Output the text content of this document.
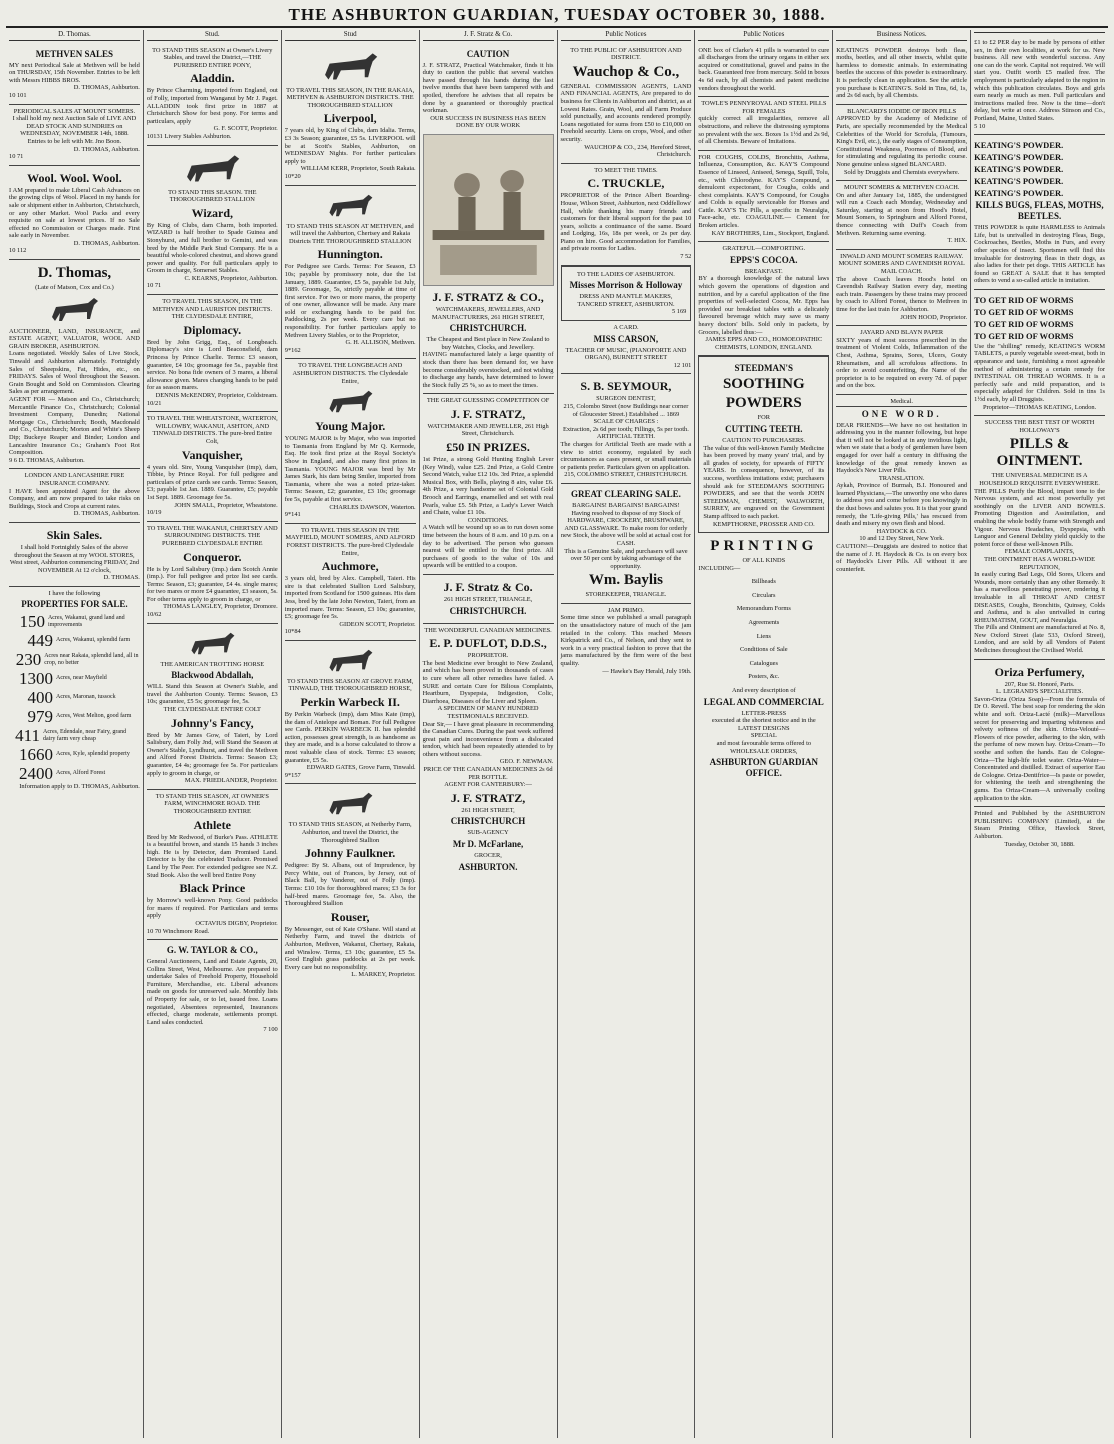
THE ASHBURTON GUARDIAN, TUESDAY OCTOBER 30, 1888.
D. Thomas.
METHVEN SALES
MY next Periodical Sale at Methven will be held on THURSDAY, 15th November. Entries to be left with Messrs HIBBS BROS.
D. THOMAS, Ashburton.
10 101
PERIODICAL SALES AT MOUNT SOMERS.
I shall hold my next Auction Sale of LIVE AND DEAD STOCK AND SUNDRIES on WEDNESDAY, NOVEMBER 14th, 1888.
Entries to be left with Mr. Jno Boon.
D. THOMAS, Ashburton.
10 71
Wool. Wool. Wool.
I AM prepared to make Liberal Cash Advances on the growing clips of Wool. Placed in my hands for sale or shipment either in Ashburton, Christchurch, or any other Market. Wool Packs and every requisite on sale at lowest prices. If no Sale effected no Commission or Charges made. First sale early in November.
D. THOMAS, Ashburton.
10 112
D. Thomas,
(Late of Matson, Cox and Co.)
AUCTIONEER, LAND, INSURANCE, and ESTATE AGENT, VALUATOR, WOOL AND GRAIN BROKER, ASHBURTON.
Loans negotiated. Weekly Sales of Live Stock, Tinwald and Ashburton alternately. Fortnightly Sales of Sheepskins, Fat, Hides, etc., on FRIDAYS. Sales of Wool throughout the Season. Grain Bought and Sold on Commission. Clearing Sales as per arrangement.
AGENT FOR — Matson and Co., Christchurch; Mercantile Finance Co., Christchurch; Colonial Investment Company, Dunedin; National Mortgage Co., Christchurch; Booth, Macdonald and Co., Christchurch; Morton and White's Sheep Dip; Buckeye Reaper and Binder; London and Lancashire Insurance Co.; Graham's Foot Rot Composition.
9 6 D. THOMAS, Ashburton.
LONDON AND LANCASHIRE FIRE INSURANCE COMPANY.
I HAVE been appointed Agent for the above Company, and am now prepared to take risks on Buildings, Stock and Crops at current rates.
D. THOMAS, Ashburton.
Skin Sales.
I shall hold Fortnightly Sales of the above throughout the Season at my WOOL STORES, West street, Ashburton commencing FRIDAY, 2nd NOVEMBER At 12 o'clock,
D. THOMAS.
I have the following
PROPERTIES FOR SALE.
150 Acres, Wakanui, grand land and improvements
449 Acres, Wakanui, splendid farm
230 Acres near Rakaia, splendid land, all in crop, no better
1300 Acres, near Mayfield
400 Acres, Maronan, tussock
979 Acres, West Melton, good farm
411 Acres, Edendale, near Fairy, grand dairy farm very cheap
1660 Acres, Kyle, splendid property
2400 Acres, Alford Forest
Information apply to D. THOMAS, Ashburton.
Stud.
TO STAND THIS SEASON at Owner's Livery Stables, and travel the District,—THE PUREBRED ENTIRE PONY,
Aladdin.
By Prince Charming, imported from England, out of Folly, imported from Wanganui by Mr J. Paget. ALLADDIN took first prize in 1887 at Christchurch Show for best pony. For terms and particulars, apply
G. F. SCOTT, Proprietor.
10131 Livery Stables Ashburton.
TO STAND THIS SEASON. THE THOROUGHBRED STALLION
Wizard,
By King of Clubs, dam Charm, both imported. WIZARD is half brother to Spade Guinea and Stonyhurst, and full brother to Gemini, and was bred by the Middle Park Stud Company. He is a beautiful whole-colored chestnut, and shows grand power and quality. For full particulars apply to Groom in charge, Somerset Stables.
C. KEARNS, Proprietor, Ashburton.
10 71
TO TRAVEL THIS SEASON, IN THE METHVEN AND LAURISTON DISTRICTS. THE CLYDESDALE ENTIRE,
Diplomacy.
Bred by John Grigg, Esq., of Longbeach. Diplomacy's sire is Lord Beaconsfield, dam Princess by Prince Charlie. Terms: £3 season, guarantee, £4 10s; groomage fee 5s., payable first service. No bona fide owners of 3 mares, a liberal allowance given. Mares changing hands to be paid for as season mares.
DENNIS McKENDRY, Proprietor, Coldstream.
10/21
TO TRAVEL THE WHEATSTONE, WATERTON, WILLOWBY, WAKANUI, ASHTON, AND TINWALD DISTRICTS. The pure-bred Entire Colt,
Vanquisher,
4 years old. Sire, Young Vanquisher (imp), dam, Tibbie, by Prince Royal. For full pedigree and particulars of prize cards see cards. Terms: Season, £3; payable 1st Jan. 1889. Guarantee, £5; payable 1st Sept. 1889. Groomage fee 5s.
JOHN SMALL, Proprietor, Wheatstone.
10/19
TO TRAVEL THE WAKANUI, CHERTSEY AND SURROUNDING DISTRICTS. THE PUREBRED CLYDESDALE ENTIRE
Conqueror.
He is by Lord Salisbury (imp.) dam Scotch Annie (imp.). For full pedigree and prize list see cards. Terms: Season, £3; guarantee, £4 4s. single mares; for two mares or more £4 guarantee, £3 season, 5s. For other terms apply to groom in charge, or
THOMAS LANGLEY, Proprietor, Dromore.
10/62
THE AMERICAN TROTTING HORSE
Blackwood Abdallah,
WILL Stand this Season at Owner's Stable, and travel the Ashburton County. Terms: Season, £3 10s; guarantee, £5 5s; groomage fee, 5s.
THE CLYDESDALE ENTIRE COLT
Johnny's Fancy,
Bred by Mr James Gow, of Taieri, by Lord Salisbury, dam Folly Jnd, will Stand the Season at Owner's Stable, Lyndhurst, and travel the Methven and Alford Forest Districts. Terms: Season £3; guarantee, £4 4s; groomage fee 5s. For particulars apply to groom in charge, or
MAX. FRIEDLANDER, Proprietor.
TO STAND THIS SEASON, AT OWNER'S FARM, WINCHMORE ROAD. THE THOROUGHBRED ENTIRE
Athlete
Bred by Mr Redwood, of Burke's Pass. ATHLETE is a beautiful brown, and stands 15 hands 3 inches high. He is by Detector, dam Promised Land. Detector is by the celebrated Traducer. Promised Land by The Peer. For extended pedigree see N.Z. Stud Book. Also the well bred Entire Pony
Black Prince
by Morrow's well-known Pony. Good paddocks for mares if required. For Particulars and terms apply
OCTAVIUS DIGBY, Proprietor.
10 70 Winchmore Road.
G. W. TAYLOR & CO.,
General Auctioneers, Land and Estate Agents, 20, Collins Street, West, Melbourne. Are prepared to undertake Sales of Freehold Property, Household Furniture, Merchandise, etc. Liberal advances made on goods for unreserved sale. Monthly lists of Property for sale, or to let, issued free. Loans negotiated, Absentees represented, Insurances effected, charge moderate, settlements prompt. Land sales conducted.
7 100
Stud
TO TRAVEL THIS SEASON, IN THE RAKAIA, METHVEN & ASHBURTON DISTRICTS. THE THOROUGHBRED STALLION
Liverpool,
7 years old, by King of Clubs, dam Idalia. Terms, £3 3s Season; guarantee, £5 5s. LIVERPOOL will be at Scott's Stables, Ashburton, on WEDNESDAY Nights. For further particulars apply to
WILLIAM KERR, Proprietor, South Rakaia.
10*20
TO STAND THIS SEASON AT METHVEN, and will travel the Ashburton, Chertsey and Rakaia Districts THE THOROUGHBRED STALLION
Hunnington.
For Pedigree see Cards. Terms: For Season, £3 10s; payable by promissory note, due the 1st January, 1889. Guarantee, £5 5s, payable 1st July, 1889. Groomage, 5s, strictly payable at time of first service. For two or more mares, the property of one owner, allowance will be made. Any mare sold or exchanging hands to be paid for. Paddocking, 2s per week. Every care but no responsibility. For further particulars apply to Methven Livery Stables, or to the Proprietor,
G. H. ALLISON, Methven.
9*162
TO TRAVEL THE LONGBEACH AND ASHBURTON DISTRICTS. The Clydesdale Entire,
Young Major.
YOUNG MAJOR is by Major, who was imported to Tasmania from England by Mr Q. Kermode, Esq. He took first prize at the Royal Society's Show in England, and also many first prizes in Tasmania. YOUNG MAJOR was bred by Mr James Stark, his dam being Smiler, imported from Tasmania, where she was a noted prize-taker. Terms: Season, £2; guarantee, £3 10s; groomage fee 5s, payable at first service.
CHARLES DAWSON, Waterton.
9*141
TO TRAVEL THIS SEASON IN THE MAYFIELD, MOUNT SOMERS, AND ALFORD FOREST DISTRICTS. The pure-bred Clydesdale Entire,
Auchmore,
3 years old, bred by Alex. Campbell, Taieri. His sire is that celebrated Stallion Lord Salisbury, imported from Scotland for 1500 guineas. His dam Jess, bred by the late John Newton, Taieri, from an imported mare. Terms: Season, £3 10s; guarantee, £5; groomage fee 5s.
GIDEON SCOTT, Proprietor.
10*84
TO STAND THIS SEASON AT GROVE FARM, TINWALD, THE THOROUGHBRED HORSE,
Perkin Warbeck II.
By Perkin Warbeck (imp), dam Miss Kate (imp), the dam of Antelope and Boman. For full Pedigree see Cards. PERKIN WARBECK II. has splendid action, possesses great strength, is as handsome as they are made, and is a horse calculated to throw a most valuable class of stock. Terms: £3 season; guarantee, £5 5s.
EDWARD GATES, Grove Farm, Tinwald.
9*157
TO STAND THIS SEASON, at Netherby Farm, Ashburton, and travel the District, the Thoroughbred Stallion
Johnny Faulkner.
Pedigree: By St. Albans, out of Imprudence, by Percy White, out of Frances, by Jersey, out of Black Ball, by Vanderer, out of Folly (imp). Terms: £10 10s for thoroughbred mares; £3 3s for half-bred mares. Groomage fee, 5s. Also, the Thoroughbred Stallion
Rouser,
By Messenger, out of Kate O'Shane. Will stand at Netherby Farm, and travel the districts of Ashburton, Methven, Wakanui, Chertsey, Rakaia, and Winslow. Terms, £3 10s; guarantee, £5 5s. Good English grass paddocks at 2s per week. Every care but no responsibility.
L. MARKEY, Proprietor.
J. F. Stratz & Co.
CAUTION
J. F. STRATZ, Practical Watchmaker, finds it his duty to caution the public that several watches have passed through his hands during the last twelve months that have been tampered with and spoiled, therefore he advises that all repairs be done by a guaranteed or thoroughly practical workman.
OUR SUCCESS IN BUSINESS HAS BEEN DONE BY OUR WORK
J. F. STRATZ & CO.,
WATCHMAKERS, JEWELLERS, AND MANUFACTURERS, 261 HIGH STREET,
CHRISTCHURCH.
The Cheapest and Best place in New Zealand to buy Watches, Clocks, and Jewellery.
HAVING manufactured lately a large quantity of stock than there has been demand for, we have become considerably overstocked, and not wishing to discharge any hands, have determined to lower the Stock fully 25 %, so as to meet the times.
THE GREAT GUESSING COMPETITION OF
J. F. STRATZ,
WATCHMAKER AND JEWELLER, 261 High Street, Christchurch.
£50 IN PRIZES.
1st Prize, a strong Gold Hunting English Lever (Key Wind), value £25. 2nd Prize, a Gold Centre Second Watch, value £12 10s. 3rd Prize, a splendid Musical Box, with Bells, playing 8 airs, value £6. 4th Prize, a very handsome set of Colonial Gold Brooch and Earrings, enamelled and set with real Pearls, value £5. 5th Prize, a Lady's Lever Watch and Chain, value £1 10s.
CONDITIONS.
A Watch will be wound up so as to run down some time between the hours of 8 a.m. and 10 p.m. on a day to be advertised. The person who guesses nearest will be entitled to the first prize. All purchases of goods to the value of 10s and upwards will be entitled to a coupon.
J. F. Stratz & Co.
261 HIGH STREET, TRIANGLE,
CHRISTCHURCH.
THE WONDERFUL CANADIAN MEDICINES.
E. P. DUFLOT, D.D.S.,
PROPRIETOR.
The best Medicine ever brought to New Zealand, and which has been proved in thousands of cases to cure where all other remedies have failed. A SURE and certain Cure for Bilious Complaints, Heartburn, Dyspepsia, Indigestion, Colic, Diarrhoea, Diseases of the Liver and Spleen.
A SPECIMEN OF MANY HUNDRED TESTIMONIALS RECEIVED.
Dear Sir,— I have great pleasure in recommending the Canadian Cures. During the past week suffered great pain and inconvenience from a dislocated tendon, which had been repeatedly attended to by others without success.
GEO. F. NEWMAN.
PRICE OF THE CANADIAN MEDICINES 2s 6d PER BOTTLE.
AGENT FOR CANTERBURY:—
J. F. STRATZ,
261 HIGH STREET,
CHRISTCHURCH
SUB-AGENCY
Mr D. McFarlane,
GROCER,
ASHBURTON.
Public Notices
TO THE PUBLIC OF ASHBURTON AND DISTRICT.
Wauchop & Co.,
GENERAL COMMISSION AGENTS, LAND AND FINANCIAL AGENTS, Are prepared to do business for Clients in Ashburton and district, as at Lowest Rates. Grain, Wool, and all Farm Produce sold punctually, and accounts rendered promptly. Loans negotiated for sums from £50 to £10,000 on Freehold security. Liens on crops, Wool, and other security.
WAUCHOP & CO., 234, Hereford Street, Christchurch.
TO MEET THE TIMES.
C. TRUCKLE,
PROPRIETOR of the Prince Albert Boarding-House, Wilson Street, Ashburton, next Oddfellows' Hall, while thanking his many friends and customers for their liberal support for the past 10 years, solicits a continuance of the same. Board and Lodging, 16s, 18s per week, or 2s per day. Piano on hire. Good accommodation for Families, and private rooms for Ladies.
7 52
TO THE LADIES OF ASHBURTON.
Misses Morrison & Holloway
DRESS AND MANTLE MAKERS, TANCRED STREET, ASHBURTON.
5 169
A CARD.
MISS CARSON,
TEACHER OF MUSIC, (PIANOFORTE AND ORGAN), BURNETT STREET
12 101
S. B. SEYMOUR,
SURGEON DENTIST,
215, Colombo Street (now Buildings near corner of Gloucester Street.) Established ... 1869
SCALE OF CHARGES :
Extraction, 2s 6d per tooth; Fillings, 5s per tooth.
ARTIFICIAL TEETH.
The charges for Artificial Teeth are made with a view to strict economy, regulated by such circumstances as cases present, or small materials or patients prefer. Particulars given on application.
215, COLOMBO STREET, CHRISTCHURCH.
GREAT CLEARING SALE.
BARGAINS! BARGAINS! BARGAINS!
Having resolved to dispose of my Stock of HARDWARE, CROCKERY, BRUSHWARE, AND GLASSWARE. To make room for orderly new Stock, the above will be sold at actual cost for CASH.
This is a Genuine Sale, and purchasers will save over 50 per cent by taking advantage of the opportunity.
Wm. Baylis
STOREKEEPER, TRIANGLE.
JAM PRIMO.
Some time since we published a small paragraph on the unsatisfactory nature of much of the jam retailed in the colony. This reached Messrs Kirkpatrick and Co., of Nelson, and they sent to work in a very practical fashion to prove that the jams manufactured by the firm were of the best quality.
— Hawke's Bay Herald, July 19th.
Public Notices
ONE box of Clarke's 41 pills is warranted to cure all discharges from the urinary organs in either sex acquired or constitutional, gravel and pains in the back. Guaranteed free from mercury. Sold in boxes 4s 6d each, by all chemists and patent medicine vendors throughout the world.
TOWLE'S PENNYROYAL AND STEEL PILLS FOR FEMALES
quickly correct all irregularities, remove all obstructions, and relieve the distressing symptoms so prevalent with the sex. Boxes 1s 1½d and 2s 9d, of all Chemists. Beware of Imitations.
FOR COUGHS, COLDS, Bronchitis, Asthma, Influenza, Consumption, &c. KAY'S Compound Essence of Linseed, Aniseed, Senega, Squill, Tolu, etc., with Chlorodyne. KAY'S Compound, a demulcent expectorant, for Coughs, colds and chest complaints. KAY'S Compound, for Coughs and Colds is equally serviceable for Horses and Cattle. KAY'S Tic Pills, a specific in Neuralgia, Face-ache, etc. COAGULINE.— Cement for Broken articles.
KAY BROTHERS, Lim., Stockport, England.
GRATEFUL—COMFORTING.
EPPS'S COCOA.
BREAKFAST.
BY a thorough knowledge of the natural laws which govern the operations of digestion and nutrition, and by a careful application of the fine properties of well-selected Cocoa, Mr. Epps has provided our breakfast tables with a delicately flavoured beverage which may save us many heavy doctors' bills. Sold only in packets, by Grocers, labelled thus:—
JAMES EPPS AND CO., HOMOEOPATHIC CHEMISTS, LONDON, ENGLAND.
STEEDMAN'S
SOOTHING
POWDERS
FOR
CUTTING TEETH.
CAUTION TO PURCHASERS.
The value of this well-known Family Medicine has been proved by many years' trial, and by all grades of society, for upwards of FIFTY YEARS. In consequence, however, of its success, worthless imitations exist; purchasers should ask for STEEDMAN'S SOOTHING POWDERS, and see that the words JOHN STEEDMAN, CHEMIST, WALWORTH, SURREY, are engraved on the Government Stamp affixed to each packet.
KEMPTHORNE, PROSSER AND CO.
PRINTING
OF ALL KINDS
INCLUDING—
Billheads
Circulars
Memorandum Forms
Agreements
Liens
Conditions of Sale
Catalogues
Posters, &c.
And every description of
LEGAL AND COMMERCIAL
LETTER-PRESS
executed at the shortest notice and in the
LATEST DESIGNS
SPECIAL
and most favourable terms offered to
WHOLESALE ORDERS,
ASHBURTON GUARDIAN OFFICE.
Business Notices.
KEATING'S POWDER destroys both fleas, moths, beetles, and all other insects, whilst quite harmless to domestic animals. In exterminating beetles the success of this powder is extraordinary. It is perfectly clean in application. See the article you purchase is KEATING'S. Sold in Tins, 6d, 1s, and 2s 6d each, by all Chemists.
BLANCARD'S IODIDE OF IRON PILLS
APPROVED by the Academy of Medicine of Paris, are specially recommended by the Medical Celebrities of the World for Scrofula, (Tumours, King's Evil, etc.), the early stages of Consumption, Constitutional Weakness, Poorness of Blood, and for stimulating and regulating its periodic course. None genuine unless signed BLANCARD.
Sold by Druggists and Chemists everywhere.
MOUNT SOMERS & METHVEN COACH.
On and after January 1st, 1885, the undersigned will run a Coach each Monday, Wednesday and Saturday, starting at noon from Hood's Hotel, Mount Somers, to Springburn and Alford Forest, thence connecting with Duff's Coach from Methven. Returning same evening.
T. HIX.
INWALD AND MOUNT SOMERS RAILWAY.
MOUNT SOMERS AND CAVENDISH ROYAL MAIL COACH.
The above Coach leaves Hood's hotel on Cavendish Railway Station every day, meeting each train. Passengers by these trains may proceed by coach to Alford Forest, thence to Methven in time for the last train for Ashburton.
JOHN HOOD, Proprietor.
JAYARD AND BLAYN PAPER
SIXTY years of most success prescribed in the treatment of Violent Colds, Inflammation of the Chest, Asthma, Sprains, Sores, Ulcers, Gouty Rheumatism, and all scrofulous affections. In order to avoid counterfeiting, the Name of the proprietor is to be required on every 7d. of paper and on the box.
Medical.
ONE WORD.
DEAR FRIENDS—We have no ost hesitation in addressing you in the manner following, but hope that it will not be looked at in any invidious light, when we state that a body of gentlemen have been engaged for over half a century in diffusing the knowledge of the great remedy known as Haydock's New Liver Pills.
TRANSLATION.
Aykah, Province of Burmah, B.I. Honoured and learned Physicians,—The unworthy one who dares to address you and come before you knowingly in the dust bows and salutes you. It is that your grand remedy, the 'Life-giving Pills,' has rescued from death and misery my own flesh and blood.
HAYDOCK & CO.
10 and 12 Dey Street, New York.
CAUTION!—Druggists are desired to notice that the name of J. H. Haydock & Co. is on every box of Haydock's Liver Pills. All without it are counterfeit.
£1 to £2 PER day to be made by persons of either sex, in their own localities, at work for us. New business. All new with wonderful success. Any one can do the work. Capital not required. We will start you. Outfit worth £5 mailed free. The employment is particularly adapted to the region in which this publication circulates. Boys and girls earn nearly as much as men. Full particulars and instructions mailed free. Now is the time—don't delay, but write at once. Address Stinson and Co., Portland, Maine, United States.
5 10
KEATING'S POWDER.
KEATING'S POWDER.
KEATING'S POWDER.
KEATING'S POWDER.
KEATING'S POWDER.
KILLS BUGS, FLEAS, MOTHS, BEETLES.
THIS POWDER is quite HARMLESS to Animals Life, but is unrivalled in destroying Fleas, Bugs, Cockroaches, Beetles, Moths in Furs, and every other species of insect. Sportsmen will find this invaluable for destroying fleas in their dogs, as also ladies for their pet dogs. THIS ARTICLE has found so GREAT A SALE that it has tempted others to vend a so-called article in imitation.
TO GET RID OF WORMS
TO GET RID OF WORMS
TO GET RID OF WORMS
TO GET RID OF WORMS
Use the "shilling" remedy, KEATING'S WORM TABLETS, a purely vegetable sweet-meat, both in appearance and taste, furnishing a most agreeable method of administering a certain remedy for INTESTINAL OR THREAD WORMS. It is a perfectly safe and mild preparation, and is especially adapted for Children. Sold in tins 1s 1½d each, by all Druggists.
Proprietor—THOMAS KEATING, London.
SUCCESS THE BEST TEST OF WORTH
HOLLOWAY'S
PILLS & OINTMENT.
THE UNIVERSAL MEDICINE IS A HOUSEHOLD REQUISITE EVERYWHERE.
THE PILLS Purify the Blood, impart tone to the Nervous system, and act most powerfully yet soothingly on the LIVER AND BOWELS. Promoting Digestion and Assimilation, and enabling the whole bodily frame with Strength and Vigour. Nervous Headaches, Dyspepsia, with Languor and General Debility yield quickly to the potent force of these well-known Pills.
FEMALE COMPLAINTS,
THE OINTMENT HAS A WORLD-WIDE REPUTATION,
In easily curing Bad Legs, Old Sores, Ulcers and Wounds, more certainly than any other Remedy. It has a marvellous penetrating power, rendering it invaluable in all THROAT AND CHEST DISEASES, Coughs, Bronchitis, Quinsey, Colds and Asthma, and is also unrivalled in curing RHEUMATISM, GOUT, and Neuralgia.
The Pills and Ointment are manufactured at No. 8, New Oxford Street (late 533, Oxford Street), London, and are sold by all Vendors of Patent Medicines throughout the Civilised World.
Oriza Perfumery,
207, Rue St. Honoré, Paris.
L. LEGRAND'S SPECIALITIES.
Savon-Oriza (Oriza Soap)—From the formula of Dr O. Reveil. The best soap for rendering the skin white and soft. Oriza-Lacté (milk)—Marvellous secret for preserving and imparting whiteness and velvety softness of the skin. Oriza-Velouté—Flowers of rice powder, adhering to the skin, with the perfume of new mown hay. Oriza-Cream—To soothe and soften the hands. Eau de Cologne-Oriza—The high-life toilet water. Oriza-Water—Concentrated and distilled. Extract of superior Eau de Cologne. Oriza-Dentifrice—Is paste or powder, for whitening the teeth and strengthening the gums. Ess Oriza-Cream—A universally cooling application to the skin.
Printed and Published by the ASHBURTON PUBLISHING COMPANY (Limited), at the Steam Printing Office, Havelock Street, Ashburton.
Tuesday, October 30, 1888.
